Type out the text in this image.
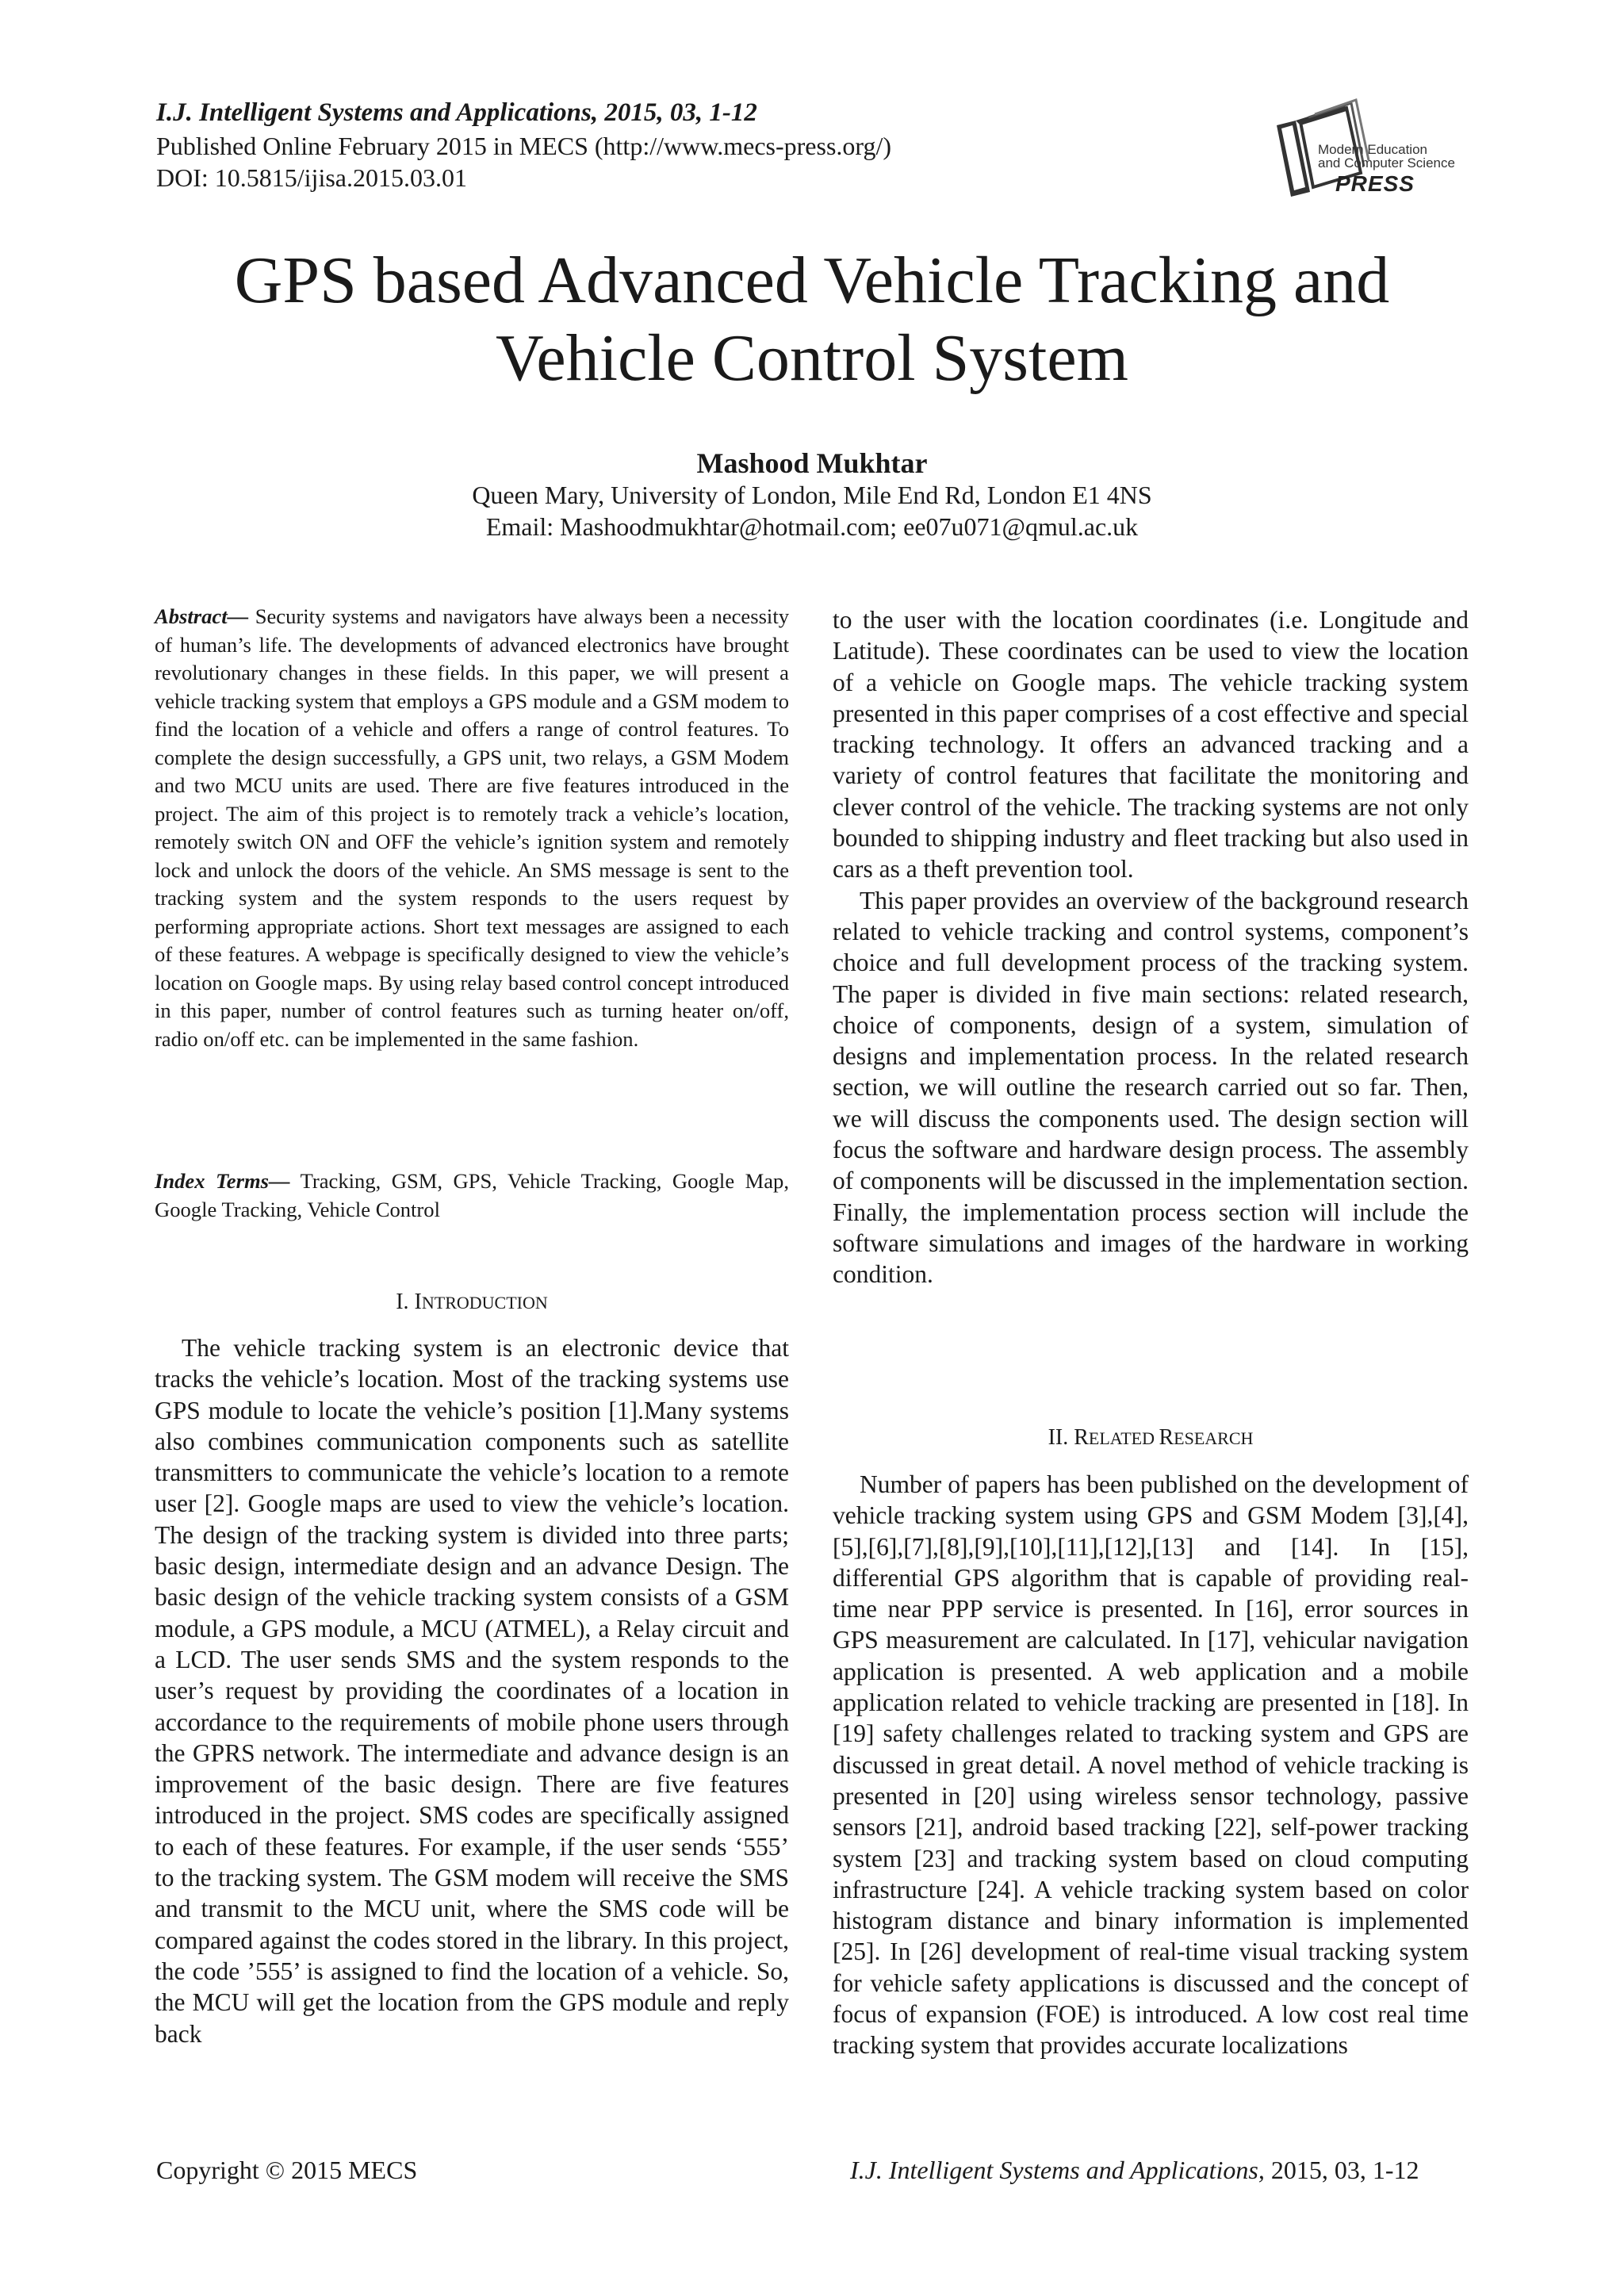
I.J. Intelligent Systems and Applications, 2015, 03, 1-12
Published Online February 2015 in MECS (http://www.mecs-press.org/)
DOI: 10.5815/ijisa.2015.03.01
Modern Education
and Computer Science
PRESS
GPS based Advanced Vehicle Tracking and
Vehicle Control System
Mashood Mukhtar
Queen Mary, University of London, Mile End Rd, London E1 4NS
Email: Mashoodmukhtar@hotmail.com; ee07u071@qmul.ac.uk
Abstract— Security systems and navigators have always been a necessity of human’s life. The developments of advanced electronics have brought revolutionary changes in these fields. In this paper, we will present a vehicle tracking system that employs a GPS module and a GSM modem to find the location of a vehicle and offers a range of control features. To complete the design successfully, a GPS unit, two relays, a GSM Modem and two MCU units are used. There are five features introduced in the project. The aim of this project is to remotely track a vehicle’s location, remotely switch ON and OFF the vehicle’s ignition system and remotely lock and unlock the doors of the vehicle. An SMS message is sent to the tracking system and the system responds to the users request by performing appropriate actions. Short text messages are assigned to each of these features. A webpage is specifically designed to view the vehicle’s location on Google maps. By using relay based control concept introduced in this paper, number of control features such as turning heater on/off, radio on/off etc. can be implemented in the same fashion.
Index Terms— Tracking, GSM, GPS, Vehicle Tracking, Google Map, Google Tracking, Vehicle Control
I. INTRODUCTION

The vehicle tracking system is an electronic device that tracks the vehicle’s location. Most of the tracking systems use GPS module to locate the vehicle’s position [1].Many systems also combines communication components such as satellite transmitters to communicate the vehicle’s location to a remote user [2]. Google maps are used to view the vehicle’s location. The design of the tracking system is divided into three parts; basic design, intermediate design and an advance Design. The basic design of the vehicle tracking system consists of a GSM module, a GPS module, a MCU (ATMEL), a Relay circuit and a LCD. The user sends SMS and the system responds to the user’s request by providing the coordinates of a location in accordance to the requirements of mobile phone users through the GPRS network. The intermediate and advance design is an improvement of the basic design. There are five features introduced in the project. SMS codes are specifically assigned to each of these features. For example, if the user sends ‘555’ to the tracking system. The GSM modem will receive the SMS and transmit to the MCU unit, where the SMS code will be compared against the codes stored in the library. In this project, the code ’555’ is assigned to find the location of a vehicle. So, the MCU will get the location from the GPS module and reply back

to the user with the location coordinates (i.e. Longitude and Latitude). These coordinates can be used to view the location of a vehicle on Google maps. The vehicle tracking system presented in this paper comprises of a cost effective and special tracking technology. It offers an advanced tracking and a variety of control features that facilitate the monitoring and clever control of the vehicle. The tracking systems are not only bounded to shipping industry and fleet tracking but also used in cars as a theft prevention tool.

This paper provides an overview of the background research related to vehicle tracking and control systems, component’s choice and full development process of the tracking system. The paper is divided in five main sections: related research, choice of components, design of a system, simulation of designs and implementation process. In the related research section, we will outline the research carried out so far. Then, we will discuss the components used. The design section will focus the software and hardware design process. The assembly of components will be discussed in the implementation section. Finally, the implementation process section will include the software simulations and images of the hardware in working condition.

II. RELATED RESEARCH

Number of papers has been published on the development of vehicle tracking system using GPS and GSM Modem [3],[4],[5],[6],[7],[8],[9],[10],[11],[12],[13] and [14]. In [15], differential GPS algorithm that is capable of providing real-time near PPP service is presented. In [16], error sources in GPS measurement are calculated. In [17], vehicular navigation application is presented. A web application and a mobile application related to vehicle tracking are presented in [18]. In [19] safety challenges related to tracking system and GPS are discussed in great detail. A novel method of vehicle tracking is presented in [20] using wireless sensor technology, passive sensors [21], android based tracking [22], self-power tracking system [23] and tracking system based on cloud computing infrastructure [24]. A vehicle tracking system based on color histogram distance and binary information is implemented [25]. In [26] development of real-time visual tracking system for vehicle safety applications is discussed and the concept of focus of expansion (FOE) is introduced. A low cost real time tracking system that provides accurate localizations

Copyright © 2015 MECS	I.J. Intelligent Systems and Applications, 2015, 03, 1-12
